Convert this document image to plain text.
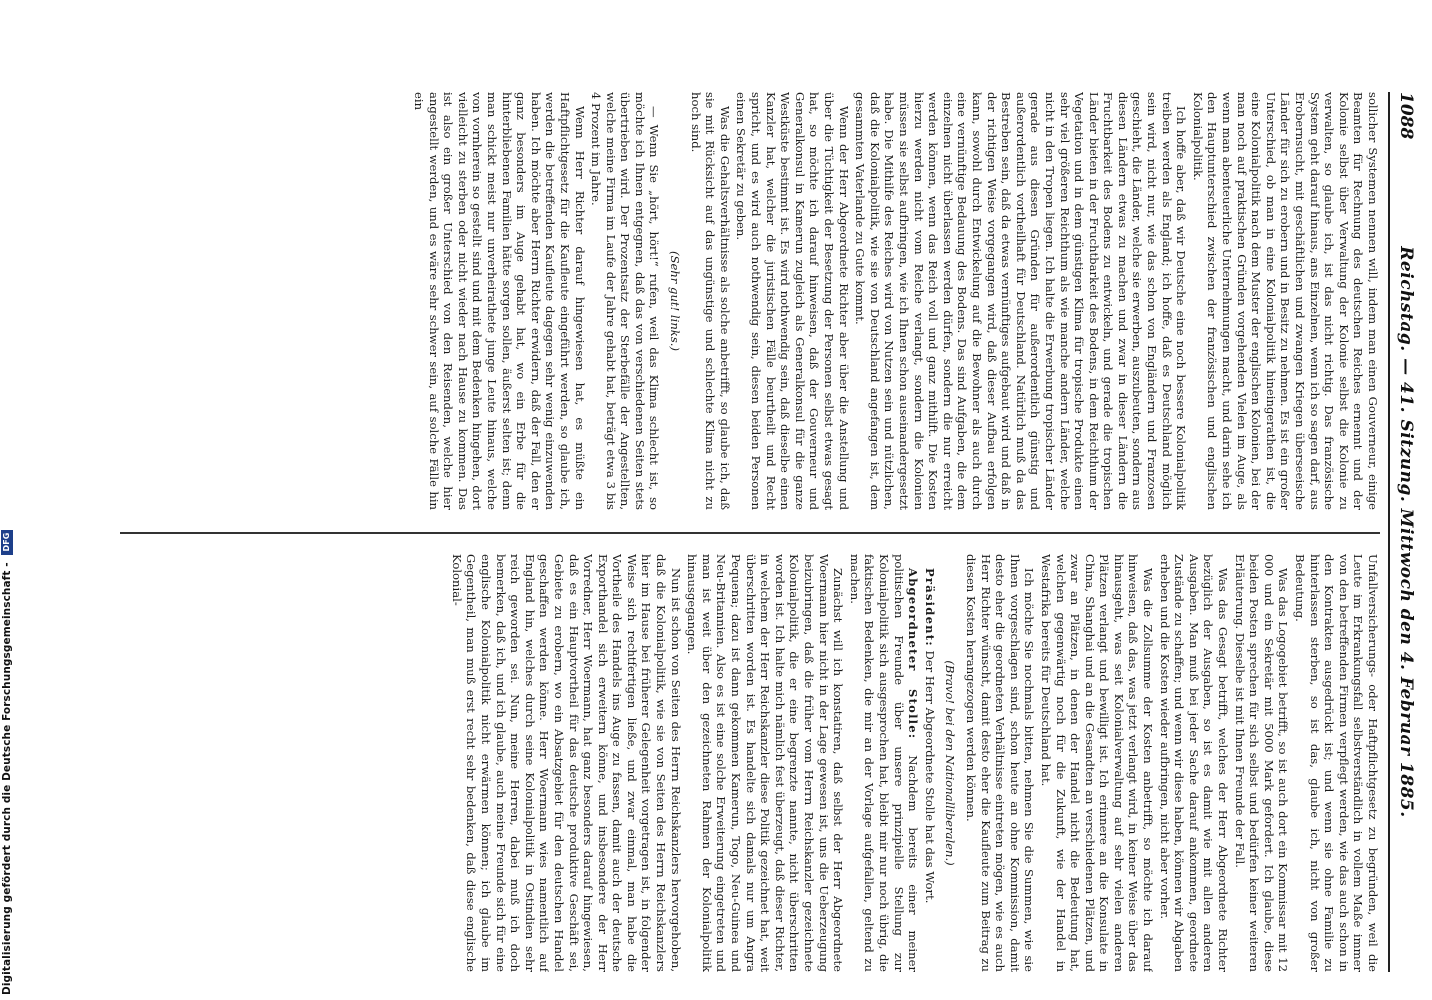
Digitalisierung gefördert durch die Deutsche Forschungsgemeinschaft - DFG
1088
Reichstag. — 41. Sitzung. Mittwoch den 4. Februar 1885.

sollicher Systemen nennen will, indem man einen Gouverneur, einige Beamten für Rechnung des deutschen Reiches ernennt und der Kolonie selbst über Verwaltung der Kolonie selbst die Kolonie zu verwalten, so glaube ich, ist das nicht richtig. Das französische System geht darauf hinaus, ans Einzelnen, wenn ich so sagen darf, aus Erobernsucht, mit geschäftlichen und zwangen Kriegen überseeische Länder für sich zu erobern und in Besitz zu nehmen. Es ist ein großer Unterschied, ob man in eine Kolonialpolitik hineingerathen ist, die eine Kolonialpolitik nach dem Muster der englischen Kolonien, bei der man noch auf praktischen Gründen vorgehenden Vielen im Auge, als wenn man abenteuerliche Unternehmungen macht, und darin sehe ich den Hauptunterschied zwischen der französischen und englischen Kolonialpolitik.

Ich hoffe aber, daß wir Deutsche eine noch bessere Kolonialpolitik treiben werden als England; ich hoffe, daß es Deutschland möglich sein wird, nicht nur, wie das schon von Engländern und Franzosen geschieht, die Länder, welche sie erwerben, auszubeuten, sondern aus diesen Ländern etwas zu machen und zwar in dieser Ländern die Fruchtbarkeit des Bodens zu entwickeln, und gerade die tropischen Länder bieten in der Fruchtbarkeit des Bodens, in dem Reichthum der Vegetation und in dem günstigen Klima für tropische Produkte einen sehr viel größeren Reichthum als wie manche andern Länder, welche nicht in den Tropen liegen. Ich halte die Erwerbung tropischer Länder gerade aus diesen Gründen für außerordentlich günstig und außerordentlich vortheilhaft für Deutschland. Natürlich muß da das Bestreben sein, daß da etwas vernünftiges aufgebaut wird und daß in der richtigen Weise vorgegangen wird, daß dieser Aufbau erfolgen kann, sowohl durch Entwickelung auf die Bewohner als auch durch eine vernünftige Bedauung des Bodens. Das sind Aufgaben, die dem einzelnen nicht überlassen werden dürfen, sondern die nur erreicht werden können, wenn das Reich voll und ganz mithilft. Die Kosten hierzu werden nicht vom Reiche verlangt, sondern die Kolonien müssen sie selbst aufbringen, wie ich Ihnen schon auseinandergesetzt habe. Die Mithilfe des Reiches wird von Nutzen sein und nützlichen, daß die Kolonialpolitik, wie sie von Deutschland angefangen ist, dem gesammten Vaterlande zu Gute kommt.

Wenn der Herr Abgeordnete Richter aber über die Anstellung und über die Tüchtigkeit der Besetzung der Personen selbst etwas gesagt hat, so möchte ich darauf hinweisen, daß der Gouverneur und Generalkonsul in Kamerun zugleich als Generalkonsul für die ganze Westküste bestimmt ist. Es wird nothwendig sein, daß dieselbe einen Kanzler hat, welcher die juristischen Fälle beurtheilt und Recht spricht, und es wird auch nothwendig sein, diesen beiden Personen einen Sekretär zu geben.

Was die Gehaltsverhältnisse als solche anbetrifft, so glaube ich, daß sie mit Rücksicht auf das ungünstige und schlechte Klima nicht zu hoch sind.

(Sehr gut! links.)

— Wenn Sie „hört, hört!“ rufen, weil das Klima schlecht ist, so möchte ich Ihnen entgegnen, daß das von verschiedenen Seiten stets übertrieben wird. Der Prozentsatz der Sterbefälle der Angestellten, welche meine Firma im Laufe der Jahre gehabt hat, beträgt etwa 3 bis 4 Prozent im Jahre.

Wenn Herr Richter darauf hingewiesen hat, es müßte ein Haftpflichtgesetz für die Kaufleute eingeführt werden, so glaube ich, werden die betreffenden Kaufleute dagegen sehr wenig einzuwenden haben. Ich möchte aber Herrn Richter erwidern, daß der Fall, den er ganz besonders im Auge gehabt hat, wo ein Erbe für die hinterbliebenen Familien hätte sorgen sollen, äußerst selten ist; denn man schickt meist nur unverheirathete junge Leute hinaus, welche von vornherein so gestellt sind und mit dem Bedenken hingehen, dort vielleicht zu sterben oder nicht wieder nach Hause zu kommen. Das ist also ein großer Unterschied von den Reisenden, welche hier angestellt werden, und es wäre sehr schwer sein, auf solche Fälle hin ein

Unfallversicherungs- oder Haftpflichtgesetz zu begründen, weil die Leute im Erkrankungsfall selbstverständlich in vollem Maße immer von den betreffenden Firmen verpflegt werden, wie das auch schon in den Kontrakten ausgedrückt ist; und wenn sie ohne Familie zu hinterlassen sterben, so ist das, glaube ich, nicht von großer Bedeutung.

Was das Logogebiet betrifft, so ist auch dort ein Kommissar mit 12 000 und ein Sekretär mit 5000 Mark gefordert. Ich glaube, diese beiden Posten sprechen für sich selbst und bedürfen keiner weiteren Erläuterung. Dieselbe ist mit Ihnen Freunde der Fall.

Was das Gesagt betrifft, welches der Herr Abgeordnete Richter bezüglich der Ausgaben, so ist es damit wie mit allen anderen Ausgaben. Man muß bei jeder Sache darauf ankommen, geordnete Zustände zu schaffen; und wenn wir diese haben, können wir Abgaben erheben und die Kosten wieder aufbringen, nicht aber vorher.

Was die Zollsumme der Kosten anbetrifft, so möchte ich darauf hinweisen, daß das, was jetzt verlangt wird, in keiner Weise über das hinausgeht, was seit Kolonialverwaltung auf sehr vielen anderen Plätzen verlangt und bewilligt ist. Ich erinnere an die Konsulate in China, Shanghai und an die Gesandten an verschiedenen Plätzen, und zwar an Plätzen, in denen der Handel nicht die Bedeutung hat, welchen gegenwärtig noch für die Zukunft, wie der Handel in Westafrika bereits für Deutschland hat.

Ich möchte Sie nochmals bitten, nehmen Sie die Summen, wie sie Ihnen vorgeschlagen sind, schon heute an ohne Kommission, damit desto eher die geordneten Verhältnisse eintreten mögen, wie es auch Herr Richter wünscht, damit desto eher die Kaufleute zum Beitrag zu diesen Kosten herangezogen werden können.

(Bravo! bei den Nationalliberalen.)

Präsident: Der Herr Abgeordnete Stolle hat das Wort.

Abgeordneter Stolle: Nachdem bereits einer meiner politischen Freunde über unsere prinzipielle Stellung zur Kolonialpolitik sich ausgesprochen hat, bleibt mir nur noch übrig, die faktischen Bedenken, die mir an der Vorlage aufgefallen, geltend zu machen.

Zunächst will ich konstatiren, daß selbst der Herr Abgeordnete Woermann hier nicht in der Lage gewesen ist, uns die Ueberzeugung beizubringen, daß die früher vom Herrn Reichskanzler gezeichnete Kolonialpolitik, die er eine begrenzte nannte, nicht überschritten worden ist. Ich halte mich nämlich fest überzeugt, daß dieser Richter, in welchem der Herr Reichskanzler diese Politik gezeichnet hat, weit überschritten worden ist. Es handelte sich damals nur um Angra Pequena; dazu ist dann gekommen Kamerun, Togo, Neu-Guinea und Neu-Britannien. Also es ist eine solche Erweiterung eingetreten und man ist weit über den gezeichneten Rahmen der Kolonialpolitik hinausgegangen.

Nun ist schon von Seiten des Herrn Reichskanzlers hervorgehoben, daß die Kolonialpolitik, wie sie von Seiten des Herrn Reichskanzlers hier im Hause bei früherer Gelegenheit vorgetragen ist, in folgender Weise sich rechtfertigen ließe, und zwar einmal, man habe die Vortheile des Handels ins Auge zu fassen, damit auch der deutsche Exporthandel sich erweitern könne, und insbesondere der Herr Vorredner, Herr Woermann, hat ganz besonders darauf hingewiesen, daß es ein Hauptvortheil für das deutsche produktive Geschäft sei, Gebiete zu erobern, wo ein Absatzgebiet für den deutschen Handel geschaffen werden könne. Herr Woermann wies namentlich auf England hin, welches durch seine Kolonialpolitik in Ostindien sehr reich geworden sei. Nun, meine Herren, dabei muß ich doch bemerken, daß ich, und ich glaube, auch meine Freunde sich für eine englische Kolonialpolitik nicht erwärmen können; ich glaube im Gegentheil, man muß erst recht sehr bedenken, daß diese englische Kolonial-
